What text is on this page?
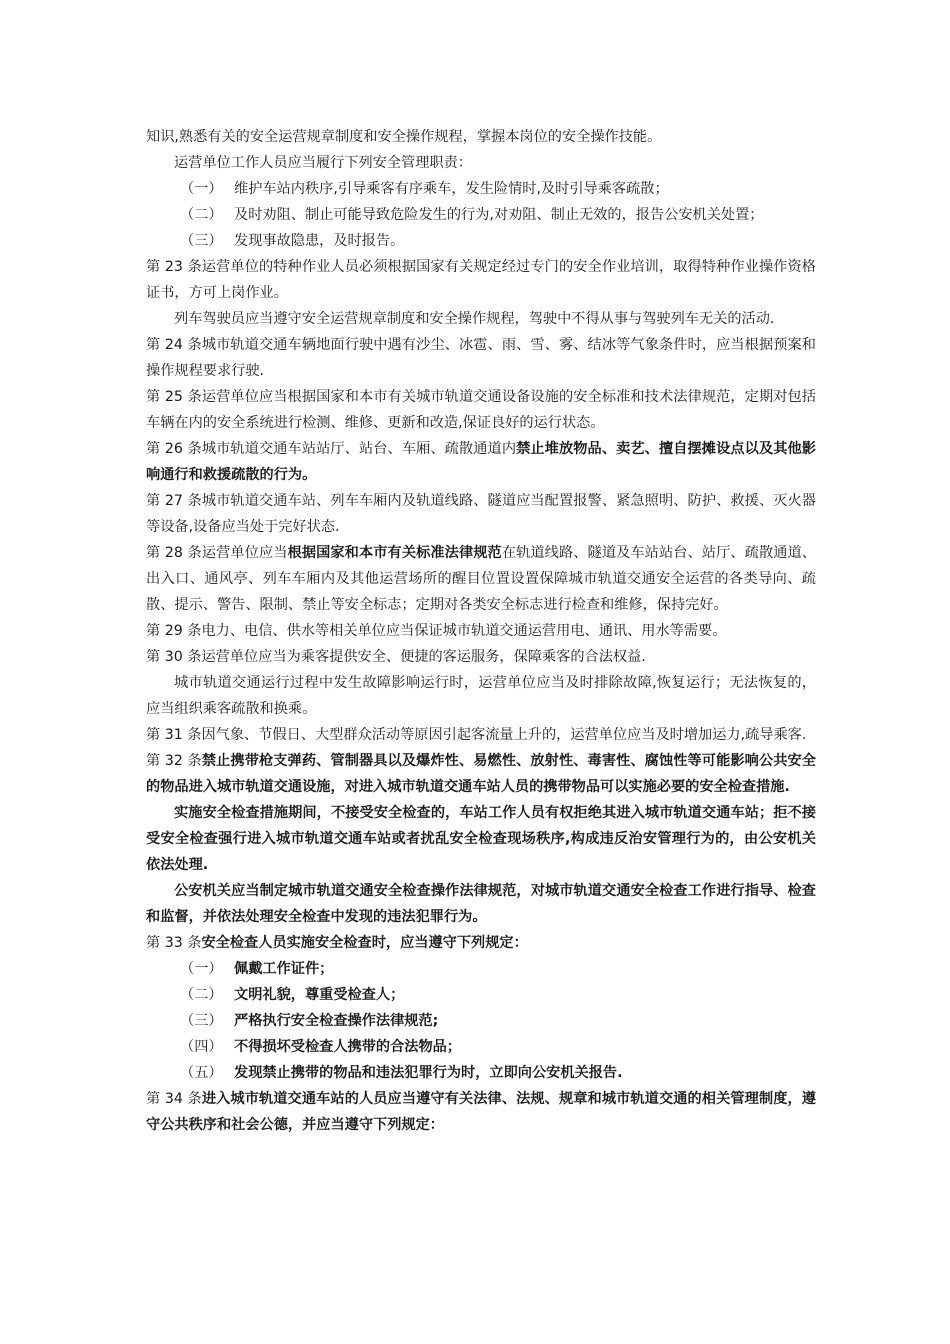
知识,熟悉有关的安全运营规章制度和安全操作规程，掌握本岗位的安全操作技能。

运营单位工作人员应当履行下列安全管理职责：

（一） 维护车站内秩序,引导乘客有序乘车，发生险情时,及时引导乘客疏散；
（二） 及时劝阻、制止可能导致危险发生的行为,对劝阻、制止无效的，报告公安机关处置；
（三） 发现事故隐患，及时报告。

第 23 条运营单位的特种作业人员必须根据国家有关规定经过专门的安全作业培训，取得特种作业操作资格证书，方可上岗作业。

列车驾驶员应当遵守安全运营规章制度和安全操作规程，驾驶中不得从事与驾驶列车无关的活动.

第 24 条城市轨道交通车辆地面行驶中遇有沙尘、冰雹、雨、雪、雾、结冰等气象条件时，应当根据预案和操作规程要求行驶.

第 25 条运营单位应当根据国家和本市有关城市轨道交通设备设施的安全标准和技术法律规范，定期对包括车辆在内的安全系统进行检测、维修、更新和改造,保证良好的运行状态。

第 26 条城市轨道交通车站站厅、站台、车厢、疏散通道内禁止堆放物品、卖艺、擅自摆摊设点以及其他影响通行和救援疏散的行为。

第 27 条城市轨道交通车站、列车车厢内及轨道线路、隧道应当配置报警、紧急照明、防护、救援、灭火器等设备,设备应当处于完好状态.

第 28 条运营单位应当根据国家和本市有关标准法律规范在轨道线路、隧道及车站站台、站厅、疏散通道、出入口、通风亭、列车车厢内及其他运营场所的醒目位置设置保障城市轨道交通安全运营的各类导向、疏散、提示、警告、限制、禁止等安全标志；定期对各类安全标志进行检查和维修，保持完好。

第 29 条电力、电信、供水等相关单位应当保证城市轨道交通运营用电、通讯、用水等需要。

第 30 条运营单位应当为乘客提供安全、便捷的客运服务，保障乘客的合法权益.

城市轨道交通运行过程中发生故障影响运行时，运营单位应当及时排除故障,恢复运行；无法恢复的，应当组织乘客疏散和换乘。

第 31 条因气象、节假日、大型群众活动等原因引起客流量上升的，运营单位应当及时增加运力,疏导乘客.

第 32 条禁止携带枪支弹药、管制器具以及爆炸性、易燃性、放射性、毒害性、腐蚀性等可能影响公共安全的物品进入城市轨道交通设施，对进入城市轨道交通车站人员的携带物品可以实施必要的安全检查措施.

实施安全检查措施期间，不接受安全检查的，车站工作人员有权拒绝其进入城市轨道交通车站；拒不接受安全检查强行进入城市轨道交通车站或者扰乱安全检查现场秩序,构成违反治安管理行为的，由公安机关依法处理.

公安机关应当制定城市轨道交通安全检查操作法律规范，对城市轨道交通安全检查工作进行指导、检查和监督，并依法处理安全检查中发现的违法犯罪行为。

第 33 条安全检查人员实施安全检查时，应当遵守下列规定：

（一） 佩戴工作证件；
（二） 文明礼貌，尊重受检查人；
（三） 严格执行安全检查操作法律规范;
（四） 不得损坏受检查人携带的合法物品；
（五） 发现禁止携带的物品和违法犯罪行为时，立即向公安机关报告.

第 34 条进入城市轨道交通车站的人员应当遵守有关法律、法规、规章和城市轨道交通的相关管理制度，遵守公共秩序和社会公德，并应当遵守下列规定：
